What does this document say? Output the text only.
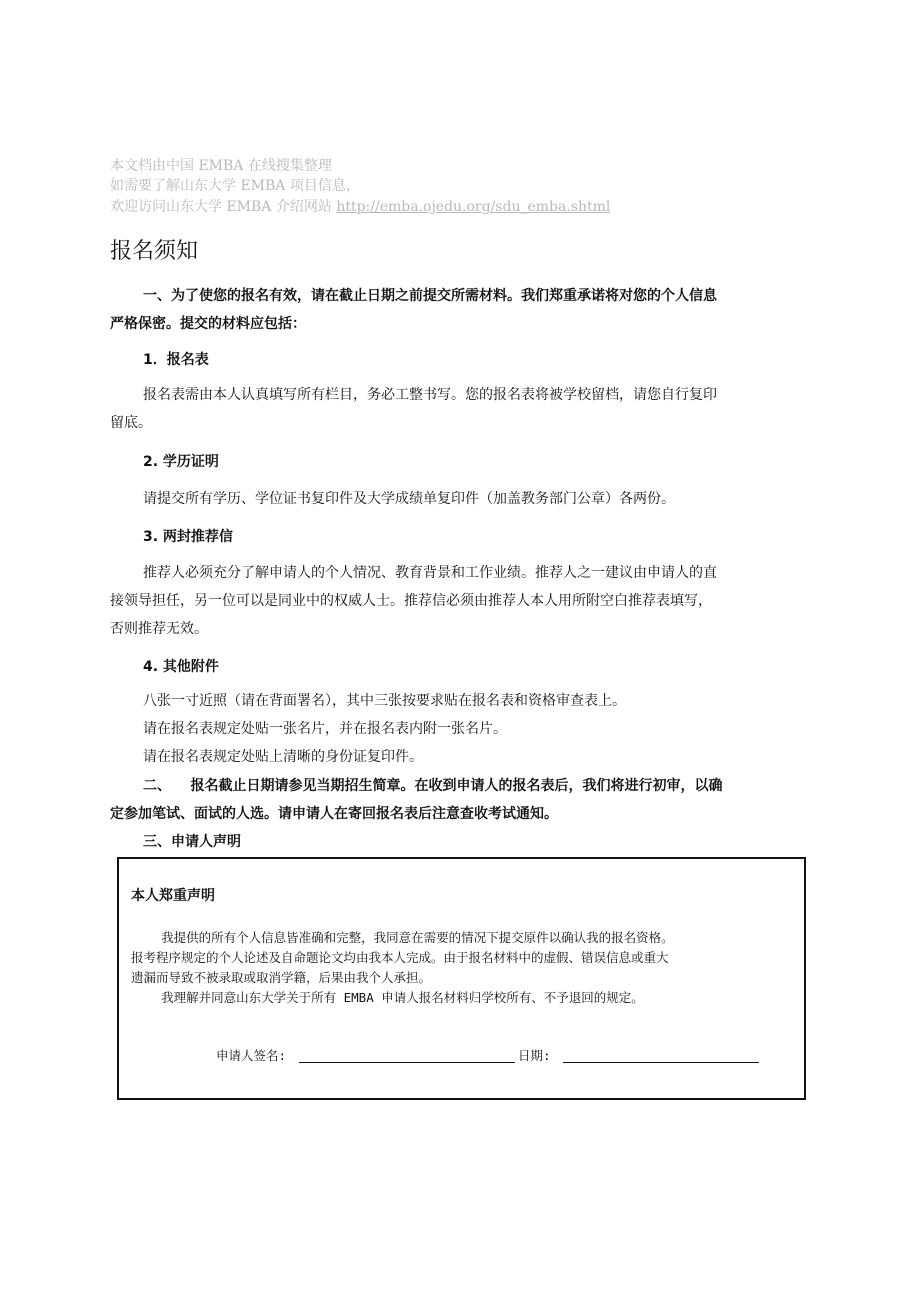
本文档由中国 EMBA 在线搜集整理
如需要了解山东大学 EMBA 项目信息，
欢迎访问山东大学 EMBA 介绍网站 http://emba.ojedu.org/sdu_emba.shtml
报名须知
一、为了使您的报名有效，请在截止日期之前提交所需材料。我们郑重承诺将对您的个人信息
严格保密。提交的材料应包括：
1．报名表
报名表需由本人认真填写所有栏目，务必工整书写。您的报名表将被学校留档，请您自行复印
留底。
2. 学历证明
请提交所有学历、学位证书复印件及大学成绩单复印件（加盖教务部门公章）各两份。
3. 两封推荐信
推荐人必须充分了解申请人的个人情况、教育背景和工作业绩。推荐人之一建议由申请人的直
接领导担任，另一位可以是同业中的权威人士。推荐信必须由推荐人本人用所附空白推荐表填写，
否则推荐无效。
4. 其他附件
八张一寸近照（请在背面署名），其中三张按要求贴在报名表和资格审查表上。
请在报名表规定处贴一张名片，并在报名表内附一张名片。
请在报名表规定处贴上清晰的身份证复印件。
二、    报名截止日期请参见当期招生简章。在收到申请人的报名表后，我们将进行初审，以确
定参加笔试、面试的人选。请申请人在寄回报名表后注意查收考试通知。
三、申请人声明
本人郑重声明
我提供的所有个人信息皆准确和完整，我同意在需要的情况下提交原件以确认我的报名资格。
报考程序规定的个人论述及自命题论文均由我本人完成。由于报名材料中的虚假、错误信息或重大
遗漏而导致不被录取或取消学籍，后果由我个人承担。
我理解并同意山东大学关于所有 EMBA 申请人报名材料归学校所有、不予退回的规定。
申请人签名:	日期:
